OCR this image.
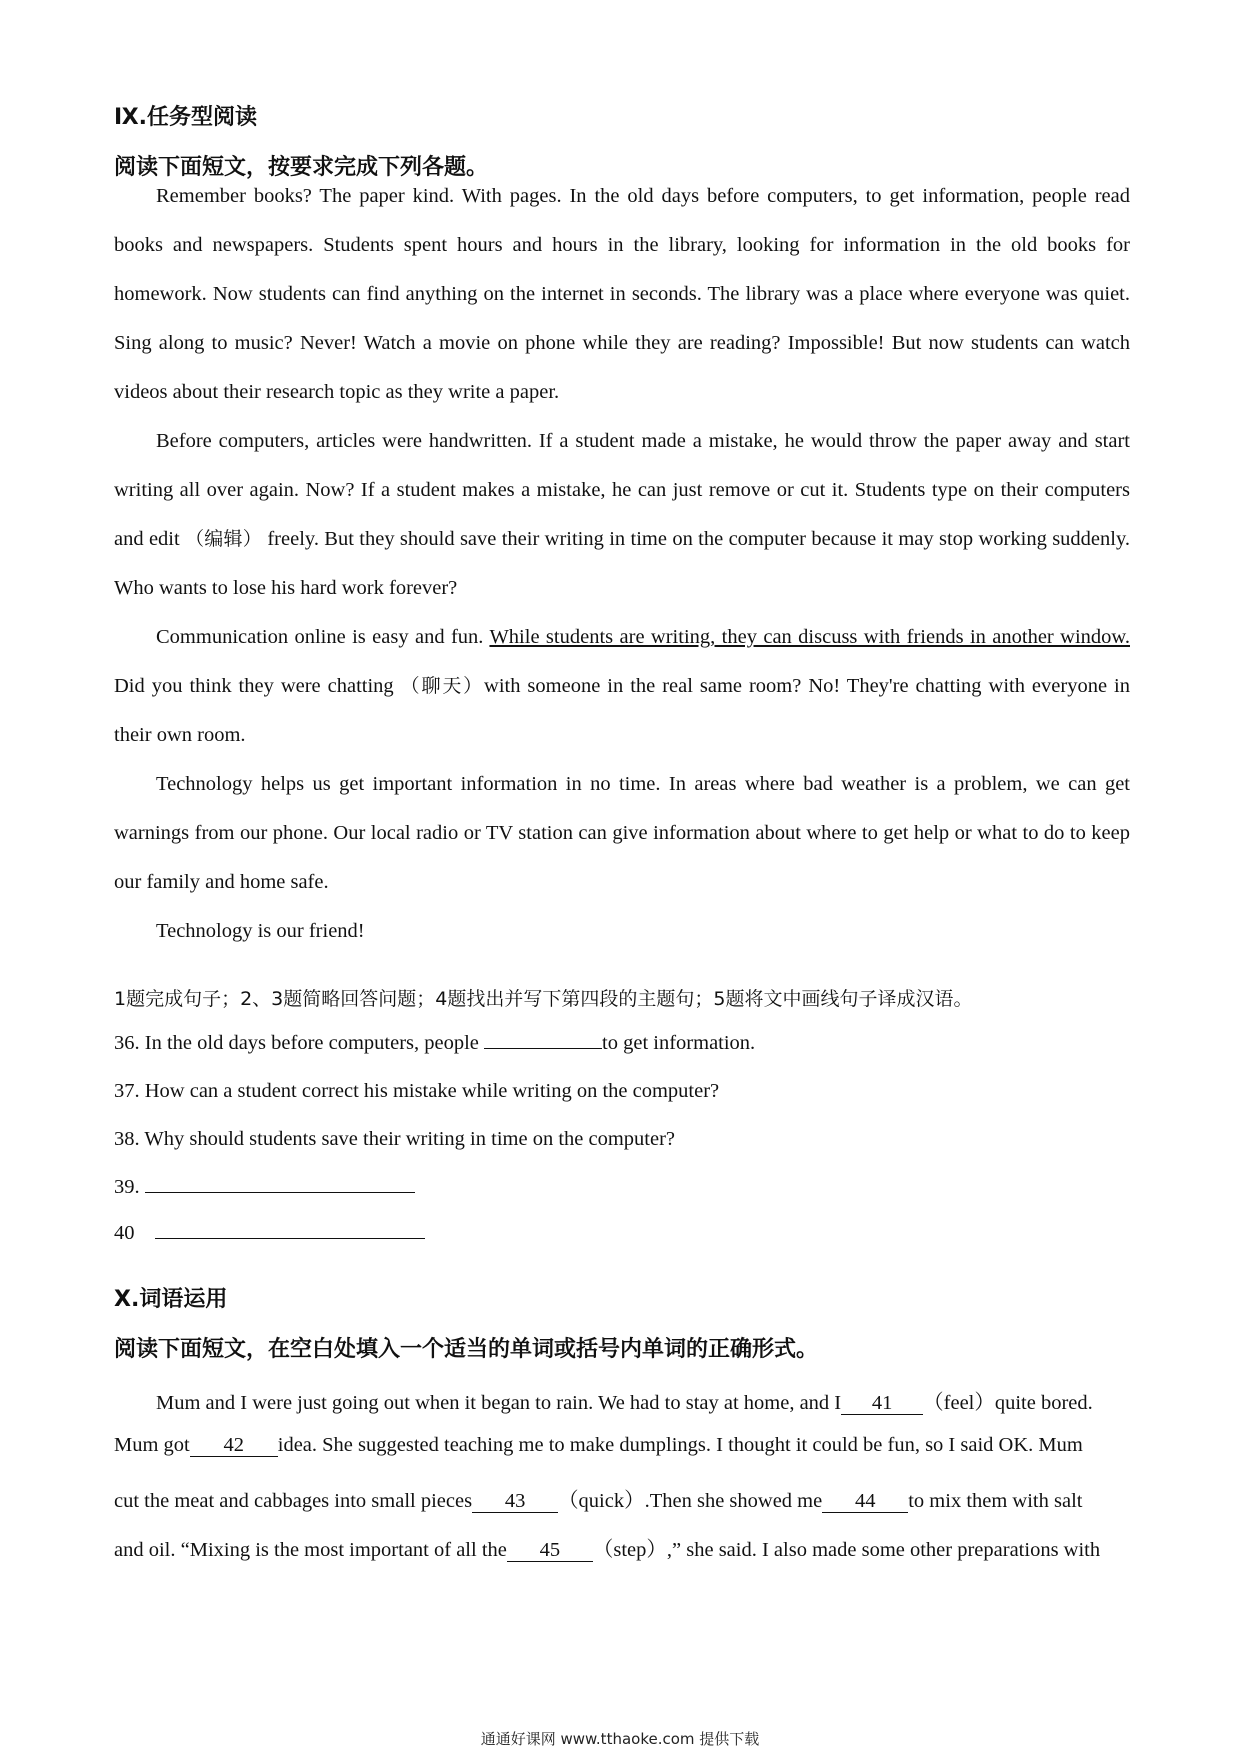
Ⅸ.任务型阅读
阅读下面短文，按要求完成下列各题。

Remember books? The paper kind. With pages. In the old days before computers, to get information, people read books and newspapers. Students spent hours and hours in the library, looking for information in the old books for homework. Now students can find anything on the internet in seconds. The library was a place where everyone was quiet. Sing along to music? Never! Watch a movie on phone while they are reading? Impossible! But now students can watch videos about their research topic as they write a paper.

Before computers, articles were handwritten. If a student made a mistake, he would throw the paper away and start writing all over again. Now? If a student makes a mistake, he can just remove or cut it. Students type on their computers and edit （编辑） freely. But they should save their writing in time on the computer because it may stop working suddenly. Who wants to lose his hard work forever?

Communication online is easy and fun. While students are writing, they can discuss with friends in another window. Did you think they were chatting （聊天）with someone in the real same room? No! They're chatting with everyone in their own room.

Technology helps us get important information in no time. In areas where bad weather is a problem, we can get warnings from our phone. Our local radio or TV station can give information about where to get help or what to do to keep our family and home safe.

Technology is our friend!

1题完成句子；2、3题简略回答问题；4题找出并写下第四段的主题句；5题将文中画线句子译成汉语。
36. In the old days before computers, people	to get information.
37. How can a student correct his mistake while writing on the computer?
38. Why should students save their writing in time on the computer?
39.
40
X.词语运用
阅读下面短文，在空白处填入一个适当的单词或括号内单词的正确形式。
Mum and I were just going out when it began to rain. We had to stay at home, and I 41 （feel）quite bored.
Mum got 42 idea. She suggested teaching me to make dumplings. I thought it could be fun, so I said OK. Mum
cut the meat and cabbages into small pieces 43 （quick）.Then she showed me 44 to mix them with salt
and oil. “Mixing is the most important of all the 45 （step）,” she said. I also made some other preparations with
通通好课网 www.tthaoke.com 提供下载
